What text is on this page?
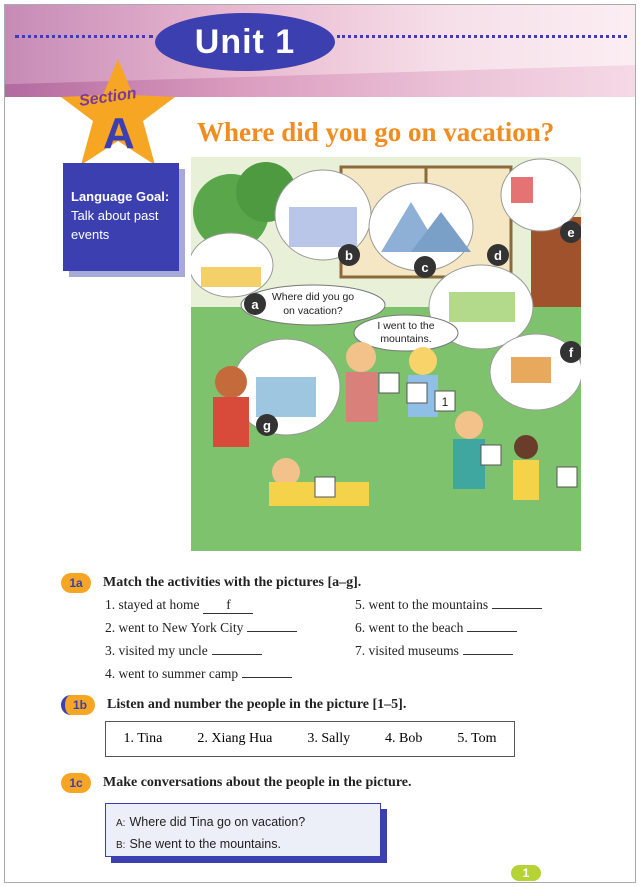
Unit 1
Section
A Where did you go on vacation?
Language Goal:
Talk about past events
Where did you go
on vacation?
I went to the
mountains.
1
a
b
c
d
e
f
g
1a	Match the activities with the pictures [a–g].
1. stayed at home f
2. went to New York City
3. visited my uncle
4. went to summer camp
5. went to the mountains
6. went to the beach
7. visited museums
1b	Listen and number the people in the picture [1–5].
1. Tina 2. Xiang Hua 3. Sally 4. Bob 5. Tom
1c	Make conversations about the people in the picture.
A: Where did Tina go on vacation?
B: She went to the mountains.
1
